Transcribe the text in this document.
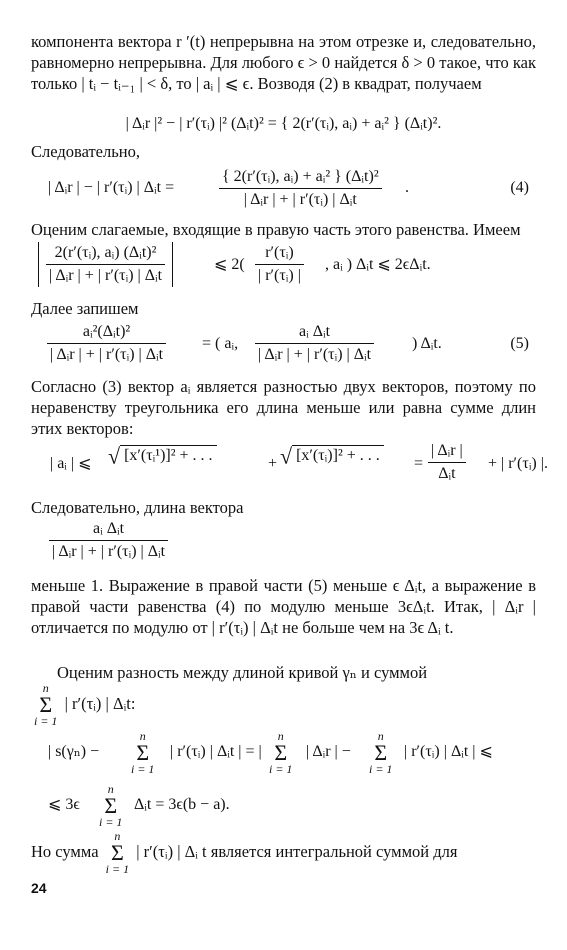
компонента вектора r ′(t) непрерывна на этом отрезке и, следовательно, равномерно непрерывна. Для любого ϵ > 0 найдется δ > 0 такое, что как только | tᵢ − tᵢ₋₁ | < δ, то | aᵢ | ⩽ ϵ. Возводя (2) в квадрат, получаем
| Δᵢr |² − | r′(τᵢ) |² (Δᵢt)² = { 2(r′(τᵢ), aᵢ) + aᵢ² } (Δᵢt)².
Следовательно,
| Δᵢr | − | r′(τᵢ) | Δᵢt =
{ 2(r′(τᵢ), aᵢ) + aᵢ² } (Δᵢt)²
| Δᵢr | + | r′(τᵢ) | Δᵢt
.	(4)
Оценим слагаемые, входящие в правую часть этого равенства. Имеем
$\frac{\text{2(r′(τᵢ), aᵢ) (Δᵢt)²}}{\text{| Δᵢr | + | r′(τᵢ) | Δᵢt}}$	⩽ $2( \frac{\text{r′(τᵢ)}}{\text{| r′(τᵢ) |}}$ , aᵢ ) Δᵢt ⩽ 2ϵΔᵢt.
Далее запишем
aᵢ²(Δᵢt)²
| Δᵢr | + | r′(τᵢ) | Δᵢt
= ( aᵢ,
aᵢ Δᵢt
| Δᵢr | + | r′(τᵢ) | Δᵢt
) Δᵢt.	(5)
Согласно (3) вектор aᵢ является разностью двух векторов, поэтому по неравенству треугольника его длина меньше или равна сумме длин этих векторов:
| aᵢ | ⩽ √ [x′(τᵢ¹)]² + . . .	+ √ [x′(τᵢ)]² + . . . =
| Δᵢr |
Δᵢt
+ | r′(τᵢ) |.
Следовательно, длина вектора
aᵢ Δᵢt
| Δᵢr | + | r′(τᵢ) | Δᵢt
меньше 1. Выражение в правой части (5) меньше ϵ Δᵢt, а выражение в правой части равенства (4) по модулю меньше 3ϵΔᵢt. Итак, | Δᵢr | отличается по модулю от | r′(τᵢ) | Δᵢt не больше чем на 3ϵ Δᵢ t.
Оценим разность между длиной кривой γₙ и суммой
n
Σ
i = 1
| r′(τᵢ) | Δᵢt:
| s(γₙ) −
n
Σ
i = 1
| r′(τᵢ) | Δᵢt | = |
n
Σ
i = 1
| Δᵢr | −
n
Σ
i = 1
| r′(τᵢ) | Δᵢt | ⩽
⩽ 3ϵ
n
Σ
i = 1
Δᵢt = 3ϵ(b − a).
Но сумма
n
Σ
i = 1
| r′(τᵢ) | Δᵢ t является интегральной суммой для
24
